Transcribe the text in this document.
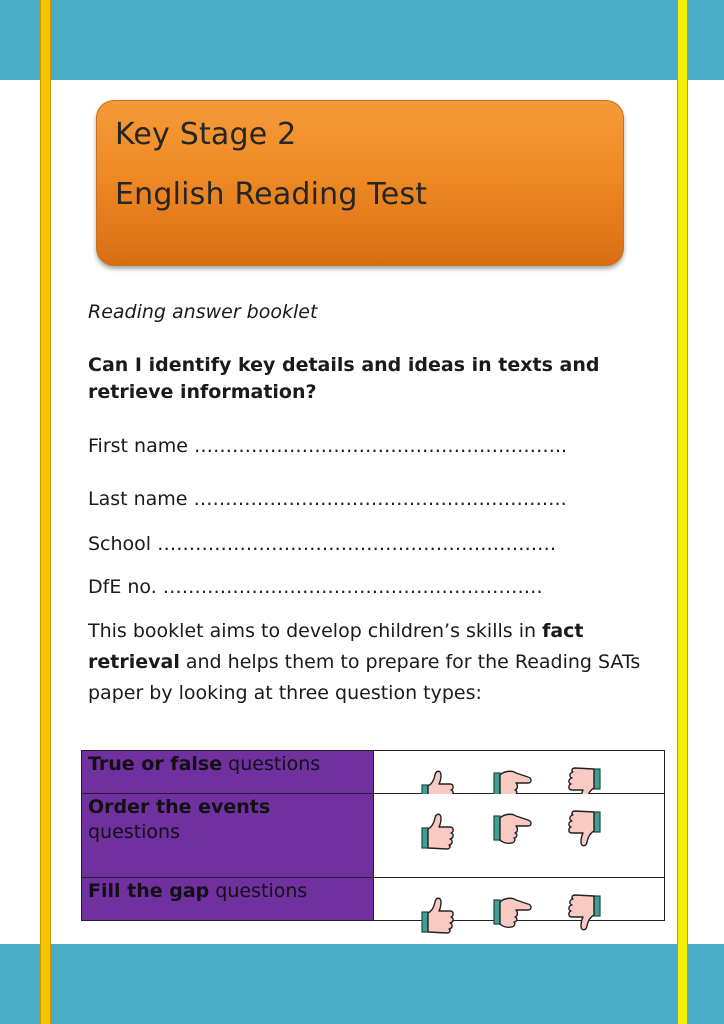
Key Stage 2
English Reading Test
Reading answer booklet
Can I identify key details and ideas in texts and retrieve information?
First name …………………………………………………..
Last name …………………………………………………..
School ………………………………………………………
DfE no. ……………………………………………………
This booklet aims to develop children’s skills in fact
retrieval and helps them to prepare for the Reading SATs paper by looking at three question types:
True or false questions	

Order the events
questions	

Fill the gap questions	
